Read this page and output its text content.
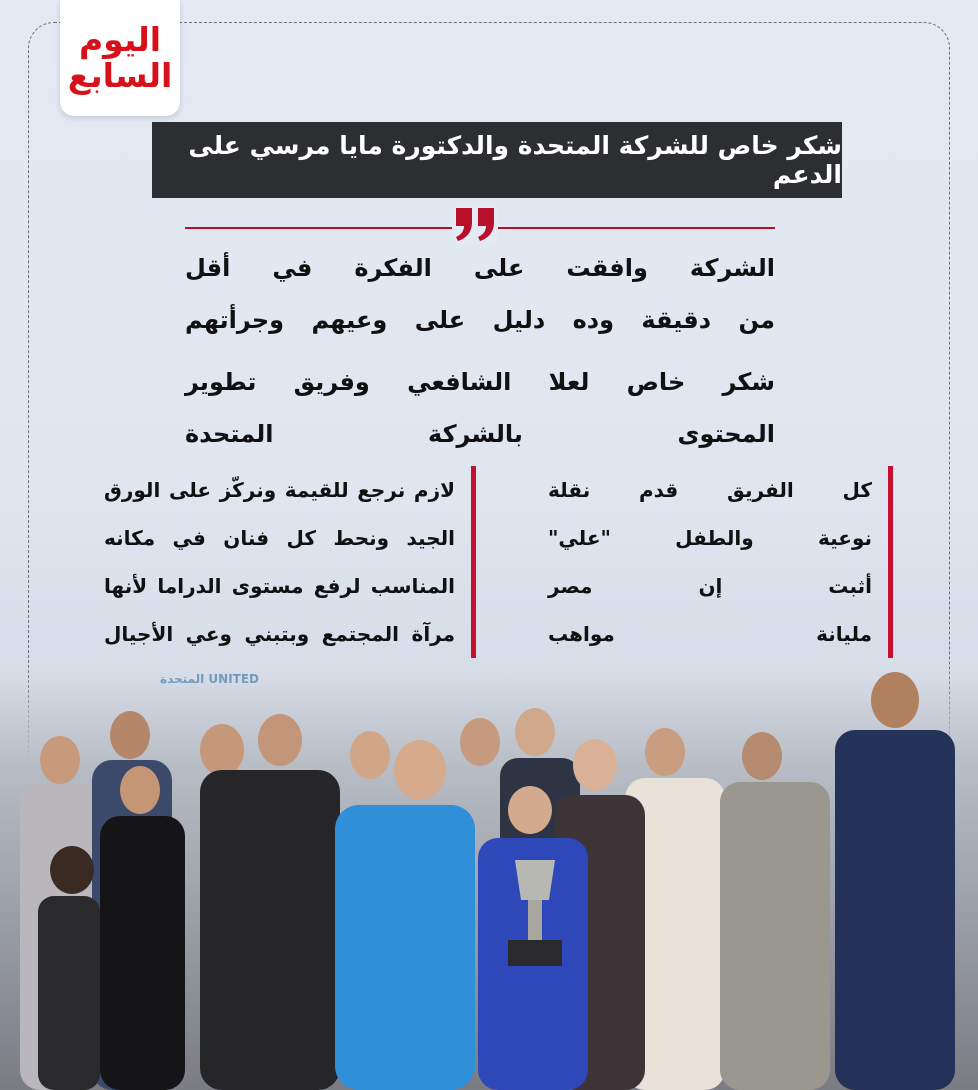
اليوم
السابع
شكر خاص للشركة المتحدة والدكتورة مايا مرسي على الدعم
الشركة وافقت على الفكرة في أقل
من دقيقة وده دليل على وعيهم وجرأتهم
شكر خاص لعلا الشافعي وفريق تطوير
المحتوى بالشركة المتحدة
كل الفريق قدم نقلة
نوعية والطفل "علي"
أثبت إن مصر
مليانة مواهب
لازم نرجع للقيمة ونركّز على الورق
الجيد ونحط كل فنان في مكانه
المناسب لرفع مستوى الدراما لأنها
مرآة المجتمع وبتبني وعي الأجيال
